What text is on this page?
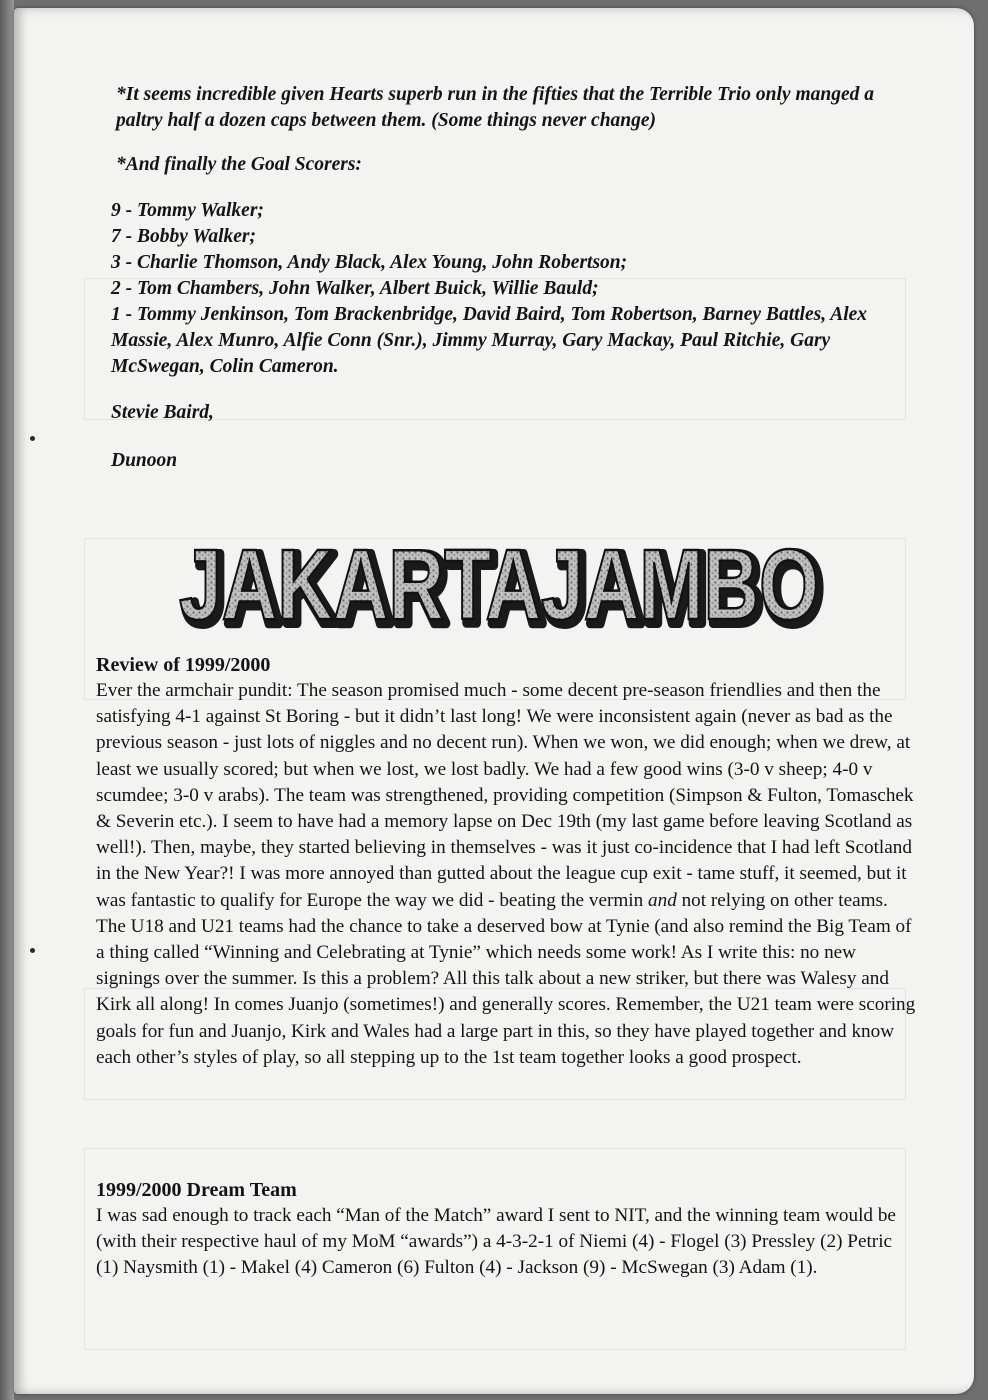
*It seems incredible given Hearts superb run in the fifties that the Terrible Trio only manged a paltry half a dozen caps between them. (Some things never change)

*And finally the Goal Scorers:

9 - Tommy Walker;

7 - Bobby Walker;

3 - Charlie Thomson, Andy Black, Alex Young, John Robertson;

2 - Tom Chambers, John Walker, Albert Buick, Willie Bauld;

1 - Tommy Jenkinson, Tom Brackenbridge, David Baird, Tom Robertson, Barney Battles, Alex Massie, Alex Munro, Alfie Conn (Snr.), Jimmy Murray, Gary Mackay, Paul Ritchie, Gary McSwegan, Colin Cameron.

Stevie Baird,

Dunoon

JAKARTAJAMBO
JAKARTAJAMBO

Review of 1999/2000

Ever the armchair pundit: The season promised much - some decent pre-season friendlies and then the satisfying 4-1 against St Boring - but it didn’t last long! We were inconsistent again (never as bad as the previous season - just lots of niggles and no decent run). When we won, we did enough; when we drew, at least we usually scored; but when we lost, we lost badly. We had a few good wins (3-0 v sheep; 4-0 v scumdee; 3-0 v arabs). The team was strengthened, providing competition (Simpson & Fulton, Tomaschek & Severin etc.). I seem to have had a memory lapse on Dec 19th (my last game before leaving Scotland as well!). Then, maybe, they started believing in themselves - was it just co-incidence that I had left Scotland in the New Year?! I was more annoyed than gutted about the league cup exit - tame stuff, it seemed, but it was fantastic to qualify for Europe the way we did - beating the vermin and not relying on other teams. The U18 and U21 teams had the chance to take a deserved bow at Tynie (and also remind the Big Team of a thing called “Winning and Celebrating at Tynie” which needs some work! As I write this: no new signings over the summer. Is this a problem? All this talk about a new striker, but there was Walesy and Kirk all along! In comes Juanjo (sometimes!) and generally scores. Remember, the U21 team were scoring goals for fun and Juanjo, Kirk and Wales had a large part in this, so they have played together and know each other’s styles of play, so all stepping up to the 1st team together looks a good prospect.

1999/2000 Dream Team

I was sad enough to track each “Man of the Match” award I sent to NIT, and the winning team would be (with their respective haul of my MoM “awards”) a 4-3-2-1 of Niemi (4) - Flogel (3) Pressley (2) Petric (1) Naysmith (1) - Makel (4) Cameron (6) Fulton (4) - Jackson (9) - McSwegan (3) Adam (1).
